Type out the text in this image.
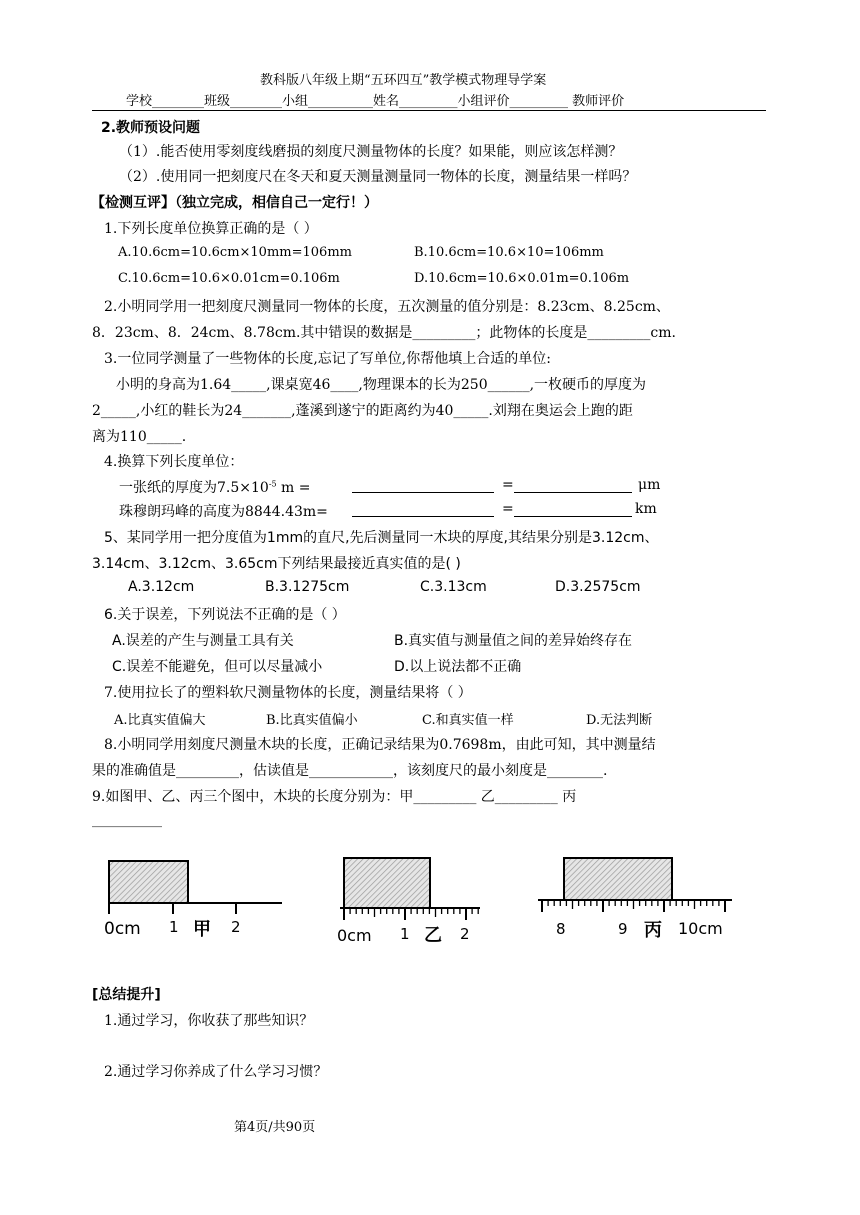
教科版八年级上期“五环四互”教学模式物理导学案
学校________班级________小组__________姓名_________小组评价_________ 教师评价
2.教师预设问题
（1）.能否使用零刻度线磨损的刻度尺测量物体的长度？如果能，则应该怎样测？
（2）.使用同一把刻度尺在冬天和夏天测量测量同一物体的长度，测量结果一样吗？
【检测互评】（独立完成，相信自己一定行！）
1.下列长度单位换算正确的是（ ）
A.10.6cm=10.6cm×10mm=106mm	B.10.6cm=10.6×10=106mm
C.10.6cm=10.6×0.01cm=0.106m	D.10.6cm=10.6×0.01m=0.106m
2.小明同学用一把刻度尺测量同一物体的长度，五次测量的值分别是：8.23cm、8.25cm、
8．23cm、8．24cm、8.78cm.其中错误的数据是_________；此物体的长度是_________cm.
3.一位同学测量了一些物体的长度,忘记了写单位,你帮他填上合适的单位:
小明的身高为1.64_____,课桌宽46____,物理课本的长为250______,一枚硬币的厚度为
2_____,小红的鞋长为24_______,蓬溪到遂宁的距离约为40_____.刘翔在奥运会上跑的距
离为110_____.
4.换算下列长度单位：
一张纸的厚度为$7.5\times 10^{-5}$ m =	=	μm
珠穆朗玛峰的高度为8844.43m=	=	km
5、某同学用一把分度值为1mm的直尺,先后测量同一木块的厚度,其结果分别是3.12cm、
3.14cm、3.12cm、3.65cm下列结果最接近真实值的是( )
A.3.12cm	B.3.1275cm	C.3.13cm	D.3.2575cm
6.关于误差，下列说法不正确的是（ ）
A.误差的产生与测量工具有关	B.真实值与测量值之间的差异始终存在
C.误差不能避免，但可以尽量减小	D.以上说法都不正确
7.使用拉长了的塑料软尺测量物体的长度，测量结果将（ ）
A.比真实值偏大	B.比真实值偏小	C.和真实值一样	D.无法判断
8.小明同学用刻度尺测量木块的长度，正确记录结果为0.7698m，由此可知，其中测量结
果的准确值是_________，估读值是____________，该刻度尺的最小刻度是________.
9.如图甲、乙、丙三个图中，木块的长度分别为：甲_________ 乙_________ 丙
__________
0cm 1 甲 2	0cm 1 乙 2	8	9 丙 10cm
[总结提升]
1.通过学习，你收获了那些知识？
2.通过学习你养成了什么学习习惯？
第4页/共90页
